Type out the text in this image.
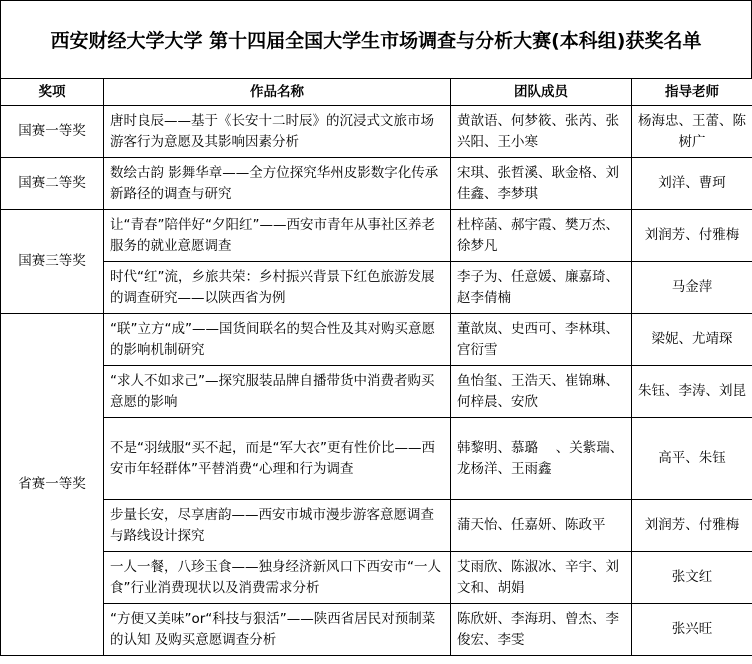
西安财经大学大学 第十四届全国大学生市场调查与分析大赛(本科组)获奖名单
奖项	作品名称	团队成员	指导老师
国赛一等奖	唐时良辰——基于《长安十二时辰》的沉浸式文旅市场游客行为意愿及其影响因素分析	黄歆语、何梦筱、张芮、张兴阳、王小寒	杨海忠、王蕾、陈树广
国赛二等奖	数绘古韵 影舞华章——全方位探究华州皮影数字化传承新路径的调查与研究	宋琪、张哲溪、耿金格、刘佳鑫、李梦琪	刘洋、曹珂
国赛三等奖	让“青春”陪伴好“夕阳红”——西安市青年从事社区养老服务的就业意愿调查	杜梓菡、郝宇霞、樊万杰、徐梦凡	刘润芳、付雅梅
	时代“红”流，乡旅共荣：乡村振兴背景下红色旅游发展的调查研究——以陕西省为例	李子为、任意媛、廉嘉琦、赵李倩楠	马金萍
省赛一等奖	“联”立方“成”——国货间联名的契合性及其对购买意愿的影响机制研究	董歆岚、史西可、李林琪、宫衍雪	梁妮、尤靖琛
	“求人不如求己”—探究服装品牌自播带货中消费者购买意愿的影响	鱼怡玺、王浩天、崔锦琳、何梓晨、安欣	朱钰、李涛、刘昆
	不是“羽绒服“买不起，而是“军大衣”更有性价比——西安市年轻群体”平替消费“心理和行为调查	韩黎明、慕璐　 、关紫瑞、龙杨洋、王雨鑫	高平、朱钰
	步量长安，尽享唐韵——西安市城市漫步游客意愿调查与路线设计探究	蒲天怡、任嘉妍、陈政平	刘润芳、付雅梅
	一人一餐，八珍玉食——独身经济新风口下西安市“一人食”行业消费现状以及消费需求分析	艾雨欣、陈淑冰、辛宇、刘文和、胡娟	张文红
	“方便又美味”or“科技与狠活”——陕西省居民对预制菜的认知 及购买意愿调查分析	陈欣妍、李海玥、曾杰、李俊宏、李雯	张兴旺
